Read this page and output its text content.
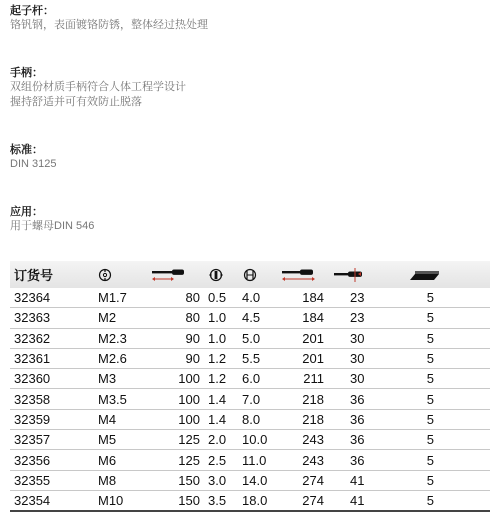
起子杆：
铬钒钢，表面镀铬防锈，整体经过热处理
手柄：
双组份材质手柄符合人体工程学设计
握持舒适并可有效防止脱落
标准：
DIN 3125
应用：
用于螺母DIN 546
订货号							
32364	M1.7	80	0.5	4.0	184	23	5
32363	M2	80	1.0	4.5	184	23	5
32362	M2.3	90	1.0	5.0	201	30	5
32361	M2.6	90	1.2	5.5	201	30	5
32360	M3	100	1.2	6.0	211	30	5
32358	M3.5	100	1.4	7.0	218	36	5
32359	M4	100	1.4	8.0	218	36	5
32357	M5	125	2.0	10.0	243	36	5
32356	M6	125	2.5	11.0	243	36	5
32355	M8	150	3.0	14.0	274	41	5
32354	M10	150	3.5	18.0	274	41	5
